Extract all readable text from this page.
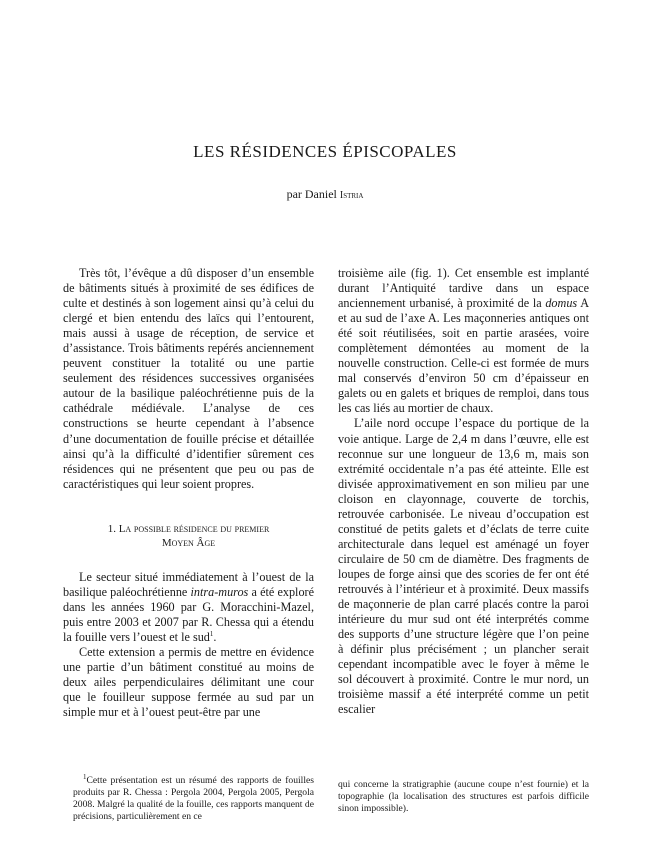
LES RÉSIDENCES ÉPISCOPALES
par Daniel Istria

Très tôt, l’évêque a dû disposer d’un ensemble de bâtiments situés à proximité de ses édifices de culte et destinés à son logement ainsi qu’à celui du clergé et bien entendu des laïcs qui l’entourent, mais aussi à usage de réception, de service et d’assistance. Trois bâtiments repérés anciennement peuvent constituer la totalité ou une partie seulement des résidences successives organisées autour de la basilique paléochrétienne puis de la cathédrale médiévale. L’analyse de ces constructions se heurte cependant à l’absence d’une documentation de fouille précise et détaillée ainsi qu’à la difficulté d’identifier sûrement ces résidences qui ne présentent que peu ou pas de caractéristiques qui leur soient propres.

1. La possible résidence du premier
Moyen Âge

Le secteur situé immédiatement à l’ouest de la basilique paléochrétienne intra-muros a été exploré dans les années 1960 par G. Moracchini-Mazel, puis entre 2003 et 2007 par R. Chessa qui a étendu la fouille vers l’ouest et le sud$^1$.

Cette extension a permis de mettre en évidence une partie d’un bâtiment constitué au moins de deux ailes perpendiculaires délimitant une cour que le fouilleur suppose fermée au sud par un simple mur et à l’ouest peut-être par une

troisième aile (fig. 1). Cet ensemble est implanté durant l’Antiquité tardive dans un espace anciennement urbanisé, à proximité de la domus A et au sud de l’axe A. Les maçonneries antiques ont été soit réutilisées, soit en partie arasées, voire complètement démontées au moment de la nouvelle construction. Celle-ci est formée de murs mal conservés d’environ 50 cm d’épaisseur en galets ou en galets et briques de remploi, dans tous les cas liés au mortier de chaux.

L’aile nord occupe l’espace du portique de la voie antique. Large de 2,4 m dans l’œuvre, elle est reconnue sur une longueur de 13,6 m, mais son extrémité occidentale n’a pas été atteinte. Elle est divisée approximativement en son milieu par une cloison en clayonnage, couverte de torchis, retrouvée carbonisée. Le niveau d’occupation est constitué de petits galets et d’éclats de terre cuite architecturale dans lequel est aménagé un foyer circulaire de 50 cm de diamètre. Des fragments de loupes de forge ainsi que des scories de fer ont été retrouvés à l’intérieur et à proximité. Deux massifs de maçonnerie de plan carré placés contre la paroi intérieure du mur sud ont été interprétés comme des supports d’une structure légère que l’on peine à définir plus précisément ; un plancher serait cependant incompatible avec le foyer à même le sol découvert à proximité. Contre le mur nord, un troisième massif a été interprété comme un petit escalier

$^1$Cette présentation est un résumé des rapports de fouilles produits par R. Chessa : Pergola 2004, Pergola 2005, Pergola 2008. Malgré la qualité de la fouille, ces rapports manquent de précisions, particulièrement en ce

qui concerne la stratigraphie (aucune coupe n’est fournie) et la topographie (la localisation des structures est parfois difficile sinon impossible).
